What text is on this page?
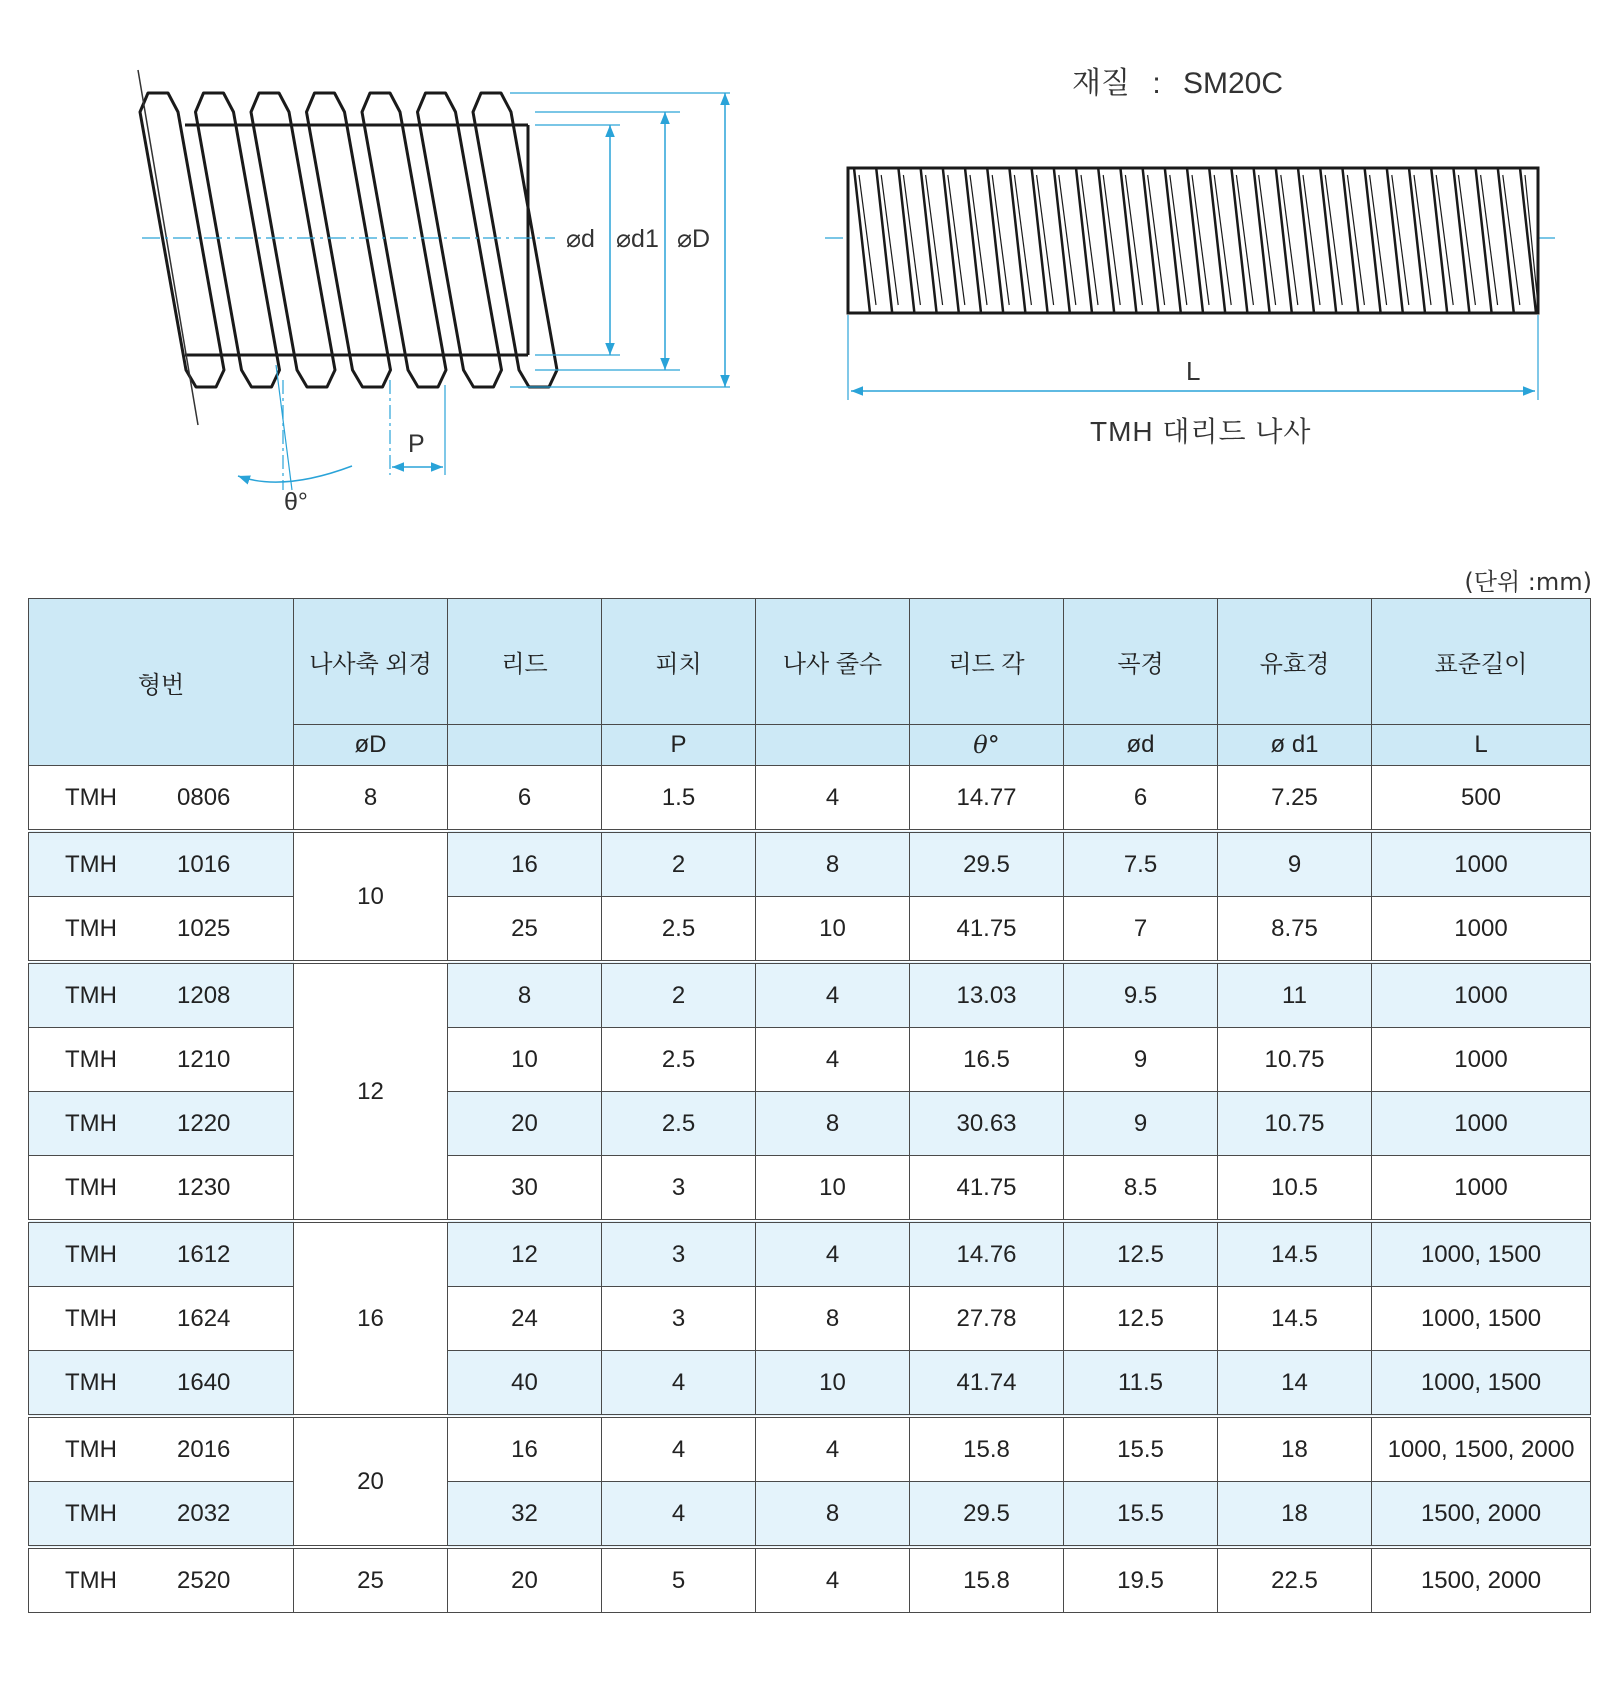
재질 : SM20C
⌀d ⌀d1 ⌀D
P
θ°
L
TMH 대리드 나사
(단위 :mm)
형번	나사축 외경	리드	피치	나사 줄수	리드 각	곡경	유효경	표준길이
	øD		P		θ°	ød	ø d1	L
TMH 0806	8	6	1.5	4	14.77	6	7.25	500
TMH 1016	10	16	2	8	29.5	7.5	9	1000
TMH 1025		25	2.5	10	41.75	7	8.75	1000
TMH 1208	12	8	2	4	13.03	9.5	11	1000
TMH 1210		10	2.5	4	16.5	9	10.75	1000
TMH 1220		20	2.5	8	30.63	9	10.75	1000
TMH 1230		30	3	10	41.75	8.5	10.5	1000
TMH 1612	16	12	3	4	14.76	12.5	14.5	1000, 1500
TMH 1624		24	3	8	27.78	12.5	14.5	1000, 1500
TMH 1640		40	4	10	41.74	11.5	14	1000, 1500
TMH 2016	20	16	4	4	15.8	15.5	18	1000, 1500, 2000
TMH 2032		32	4	8	29.5	15.5	18	1500, 2000
TMH 2520	25	20	5	4	15.8	19.5	22.5	1500, 2000
